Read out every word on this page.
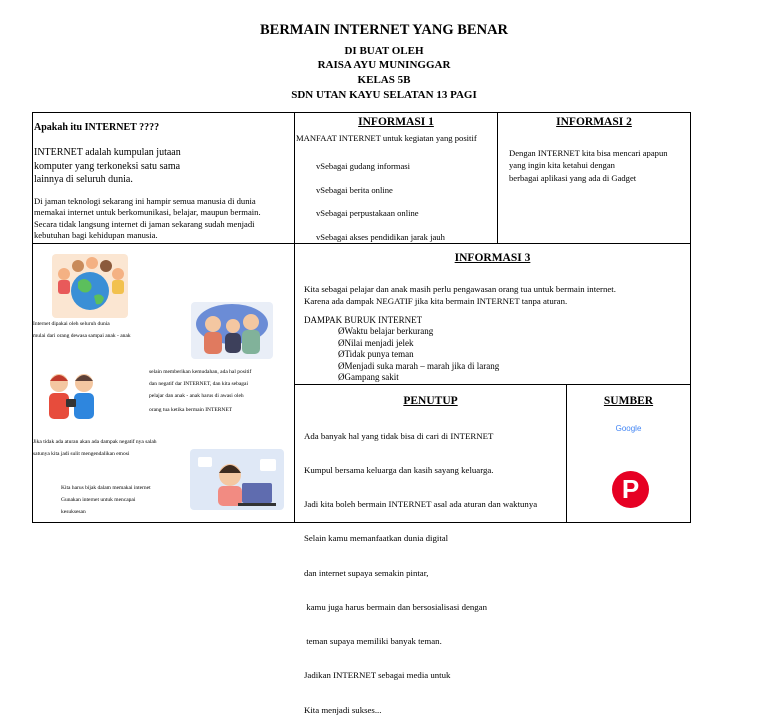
BERMAIN INTERNET YANG BENAR
DI BUAT OLEH
RAISA AYU MUNINGGAR
KELAS 5B
SDN UTAN KAYU SELATAN 13 PAGI
Apakah itu INTERNET ????
INTERNET adalah kumpulan jutaan
komputer yang terkoneksi satu sama
lainnya di seluruh dunia.
Di jaman teknologi sekarang ini hampir semua manusia di dunia
memakai internet untuk berkomunikasi, belajar, maupun bermain.
Secara tidak langsung internet di jaman sekarang sudah menjadi
kebutuhan bagi kehidupan manusia.
INFORMASI 1
MANFAAT INTERNET untuk kegiatan yang positif
vSebagai gudang informasi
vSebagai berita online
vSebagai perpustakaan online
vSebagai akses pendidikan jarak jauh
INFORMASI 2
Dengan INTERNET kita bisa mencari apapun
yang ingin kita ketahui dengan
berbagai aplikasi yang ada di Gadget
Internet dipakai oleh seluruh dunia
mulai dari orang dewasa sampai anak - anak
selain memberikan kemudahan, ada hal positif
dan negatif dar INTERNET, dan kita sebagai
pelajar dan anak - anak harus di awasi oleh
orang tua ketika bermain INTERNET
Jika tidak ada aturan akan ada dampak negatif nya salah
satunya kita jadi sulit mengendalikan emosi
Kita harus bijak dalam memakai internet
Gunakan internet untuk mencapai
kesuksesan
INFORMASI 3
Kita sebagai pelajar dan anak masih perlu pengawasan orang tua untuk bermain internet.
Karena ada dampak NEGATIF jika kita bermain INTERNET tanpa aturan.
DAMPAK BURUK INTERNET
ØWaktu belajar berkurang
ØNilai menjadi jelek
ØTidak punya teman
ØMenjadi suka marah – marah jika di larang
ØGampang sakit
PENUTUP

Ada banyak hal yang tidak bisa di cari di INTERNET

Kumpul bersama keluarga dan kasih sayang keluarga.

Jadi kita boleh bermain INTERNET asal ada aturan dan waktunya

Selain kamu memanfaatkan dunia digital

dan internet supaya semakin pintar,

kamu juga harus bermain dan bersosialisasi dengan

teman supaya memiliki banyak teman.

Jadikan INTERNET sebagai media untuk

Kita menjadi sukses...

SUMBER
Google
P
